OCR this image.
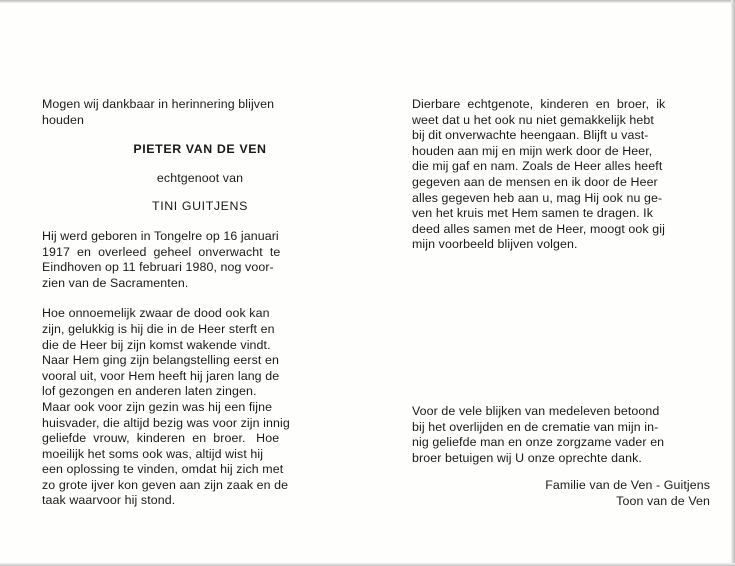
Mogen wij dankbaar in herinnering blijven
houden

PIETER VAN DE VEN

echtgenoot van

TINI GUITJENS

Hij werd geboren in Tongelre op 16 januari
1917  en  overleed  geheel  onverwacht  te
Eindhoven op 11 februari 1980, nog voor-
zien van de Sacramenten.

Hoe onnoemelijk zwaar de dood ook kan
zijn, gelukkig is hij die in de Heer sterft en
die de Heer bij zijn komst wakende vindt.
Naar Hem ging zijn belangstelling eerst en
vooral uit, voor Hem heeft hij jaren lang de
lof gezongen en anderen laten zingen.
Maar ook voor zijn gezin was hij een fijne
huisvader, die altijd bezig was voor zijn innig
geliefde  vrouw,  kinderen  en  broer.   Hoe
moeilijk het soms ook was, altijd wist hij
een oplossing te vinden, omdat hij zich met
zo grote ijver kon geven aan zijn zaak en de
taak waarvoor hij stond.

Dierbare  echtgenote,  kinderen  en  broer,  ik
weet dat u het ook nu niet gemakkelijk hebt
bij dit onverwachte heengaan. Blijft u vast-
houden aan mij en mijn werk door de Heer,
die mij gaf en nam. Zoals de Heer alles heeft
gegeven aan de mensen en ik door de Heer
alles gegeven heb aan u, mag Hij ook nu ge-
ven het kruis met Hem samen te dragen. Ik
deed alles samen met de Heer, moogt ook gij
mijn voorbeeld blijven volgen.

Voor de vele blijken van medeleven betoond
bij het overlijden en de crematie van mijn in-
nig geliefde man en onze zorgzame vader en
broer betuigen wij U onze oprechte dank.

Familie van de Ven - Guitjens

Toon van de Ven
